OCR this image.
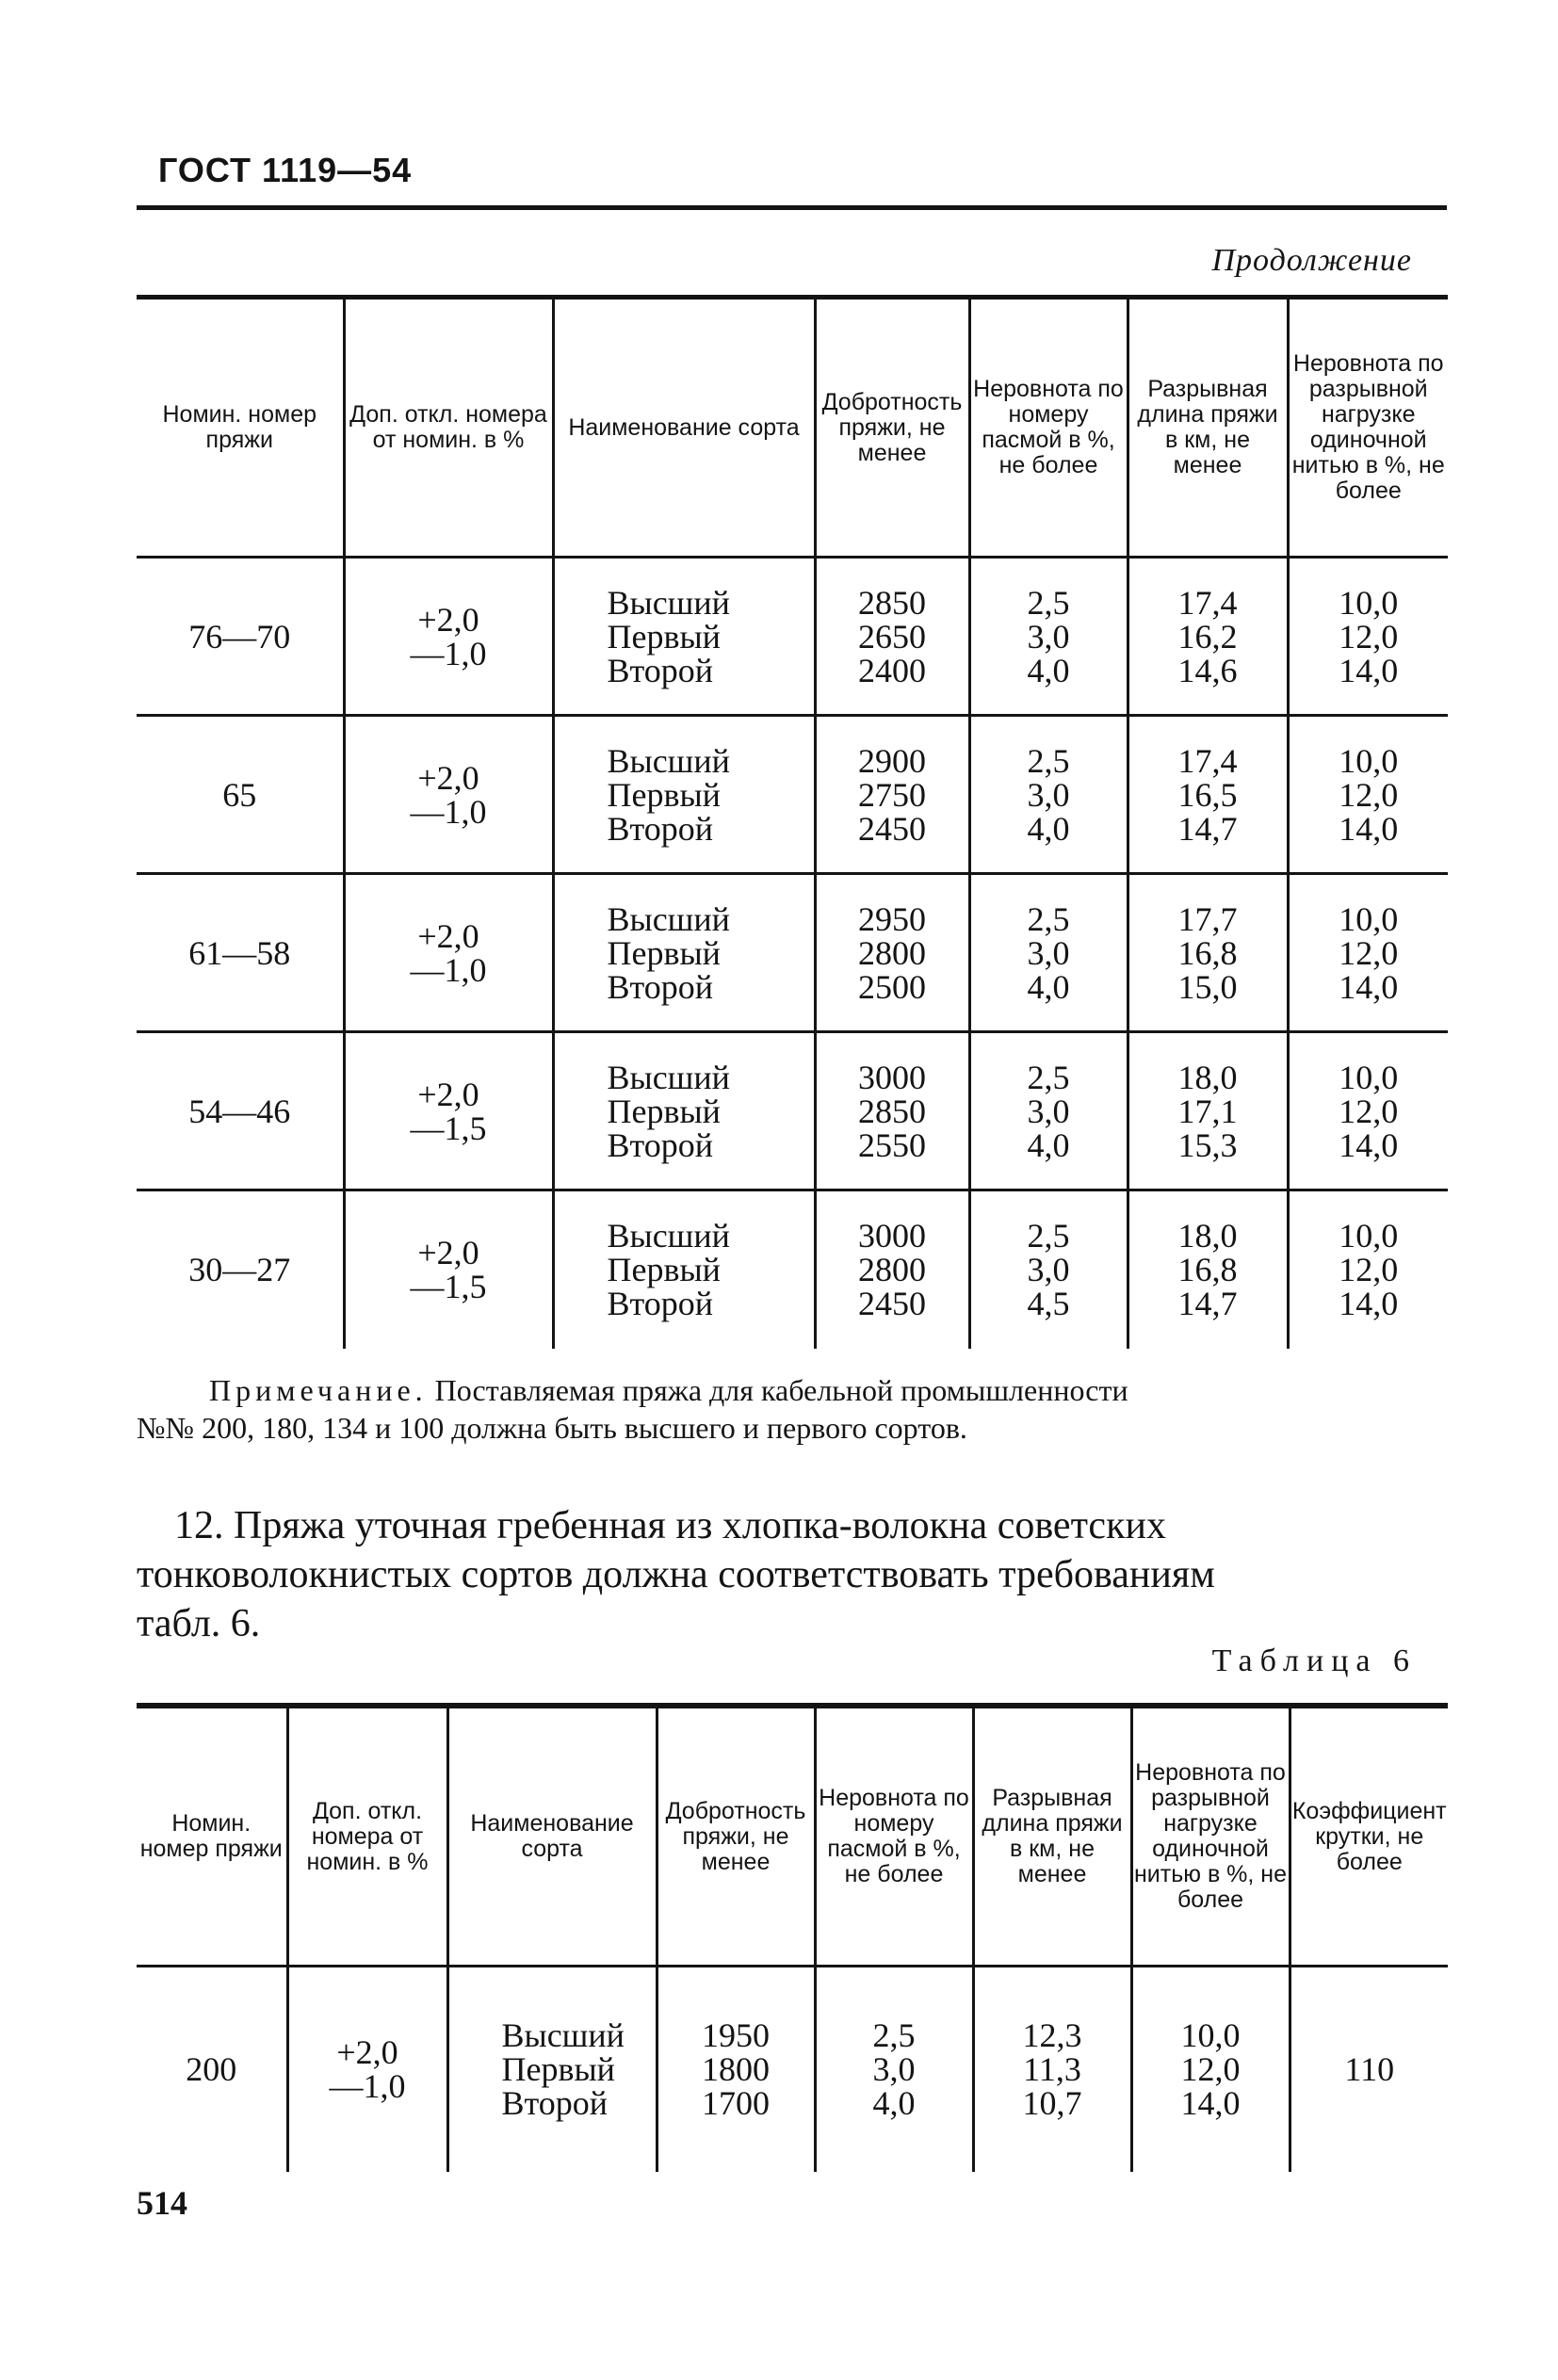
ГОСТ 1119—54
Продолжение
Номин. номер пряжи	Доп. откл. номера от номин. в %	Наименование сорта	Добротность пряжи, не менее	Неровнота по номеру пасмой в %, не более	Разрывная длина пряжи в км, не менее	Неровнота по разрывной нагрузке одиночной нитью в %, не более

76—70	+2,0
—1,0	Высший
Первый
Второй	2850
2650
2400	2,5
3,0
4,0	17,4
16,2
14,6	10,0
12,0
14,0

65	+2,0
—1,0	Высший
Первый
Второй	2900
2750
2450	2,5
3,0
4,0	17,4
16,5
14,7	10,0
12,0
14,0

61—58	+2,0
—1,0	Высший
Первый
Второй	2950
2800
2500	2,5
3,0
4,0	17,7
16,8
15,0	10,0
12,0
14,0

54—46	+2,0
—1,5	Высший
Первый
Второй	3000
2850
2550	2,5
3,0
4,0	18,0
17,1
15,3	10,0
12,0
14,0

30—27	+2,0
—1,5	Высший
Первый
Второй	3000
2800
2450	2,5
3,0
4,5	18,0
16,8
14,7	10,0
12,0
14,0
Примечание. Поставляемая пряжа для кабельной промышленности
№№ 200, 180, 134 и 100 должна быть высшего и первого сортов.
12. Пряжа уточная гребенная из хлопка-волокна советских
тонковолокнистых сортов должна соответствовать требованиям
табл. 6.
Таблица 6
Номин. номер пряжи	Доп. откл. номера от номин. в %	Наименование сорта	Добротность пряжи, не менее	Неровнота по номеру пасмой в %, не более	Разрывная длина пряжи в км, не менее	Неровнота по разрывной нагрузке одиночной нитью в %, не более	Коэффициент крутки, не более

200	+2,0
—1,0	Высший
Первый
Второй	1950
1800
1700	2,5
3,0
4,0	12,3
11,3
10,7	10,0
12,0
14,0	110
514
